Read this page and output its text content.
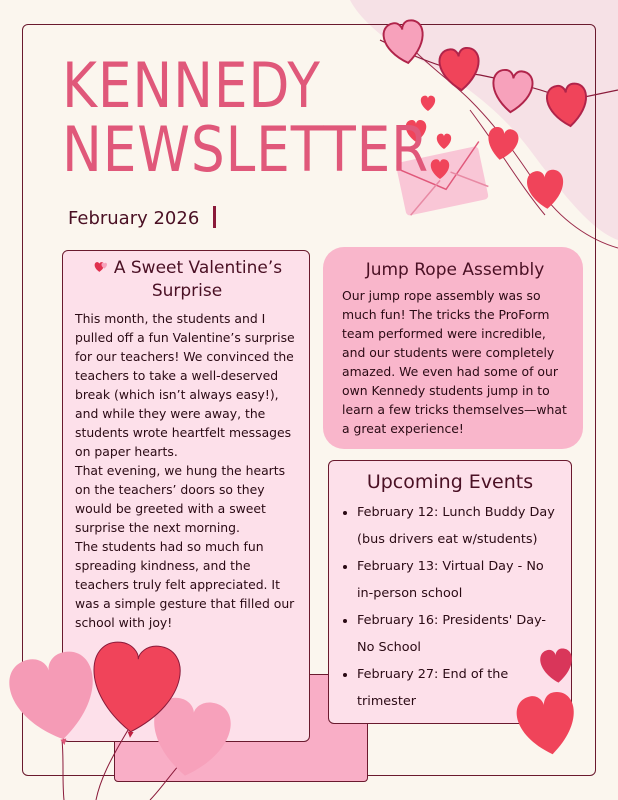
KENNEDY
NEWSLETTER
February 2026
A Sweet Valentine’s Surprise

This month, the students and I pulled off a fun Valentine’s surprise for our teachers! We convinced the teachers to take a well-deserved break (which isn’t always easy!), and while they were away, the students wrote heartfelt messages on paper hearts.

That evening, we hung the hearts on the teachers’ doors so they would be greeted with a sweet surprise the next morning.

The students had so much fun spreading kindness, and the teachers truly felt appreciated. It was a simple gesture that filled our school with joy!

Jump Rope Assembly

Our jump rope assembly was so much fun! The tricks the ProForm team performed were incredible, and our students were completely amazed. We even had some of our own Kennedy students jump in to learn a few tricks themselves—what a great experience!

Upcoming Events
• February 12: Lunch Buddy Day (bus drivers eat w/students)
• February 13: Virtual Day - No in-person school
• February 16: Presidents' Day- No School
• February 27: End of the trimester
